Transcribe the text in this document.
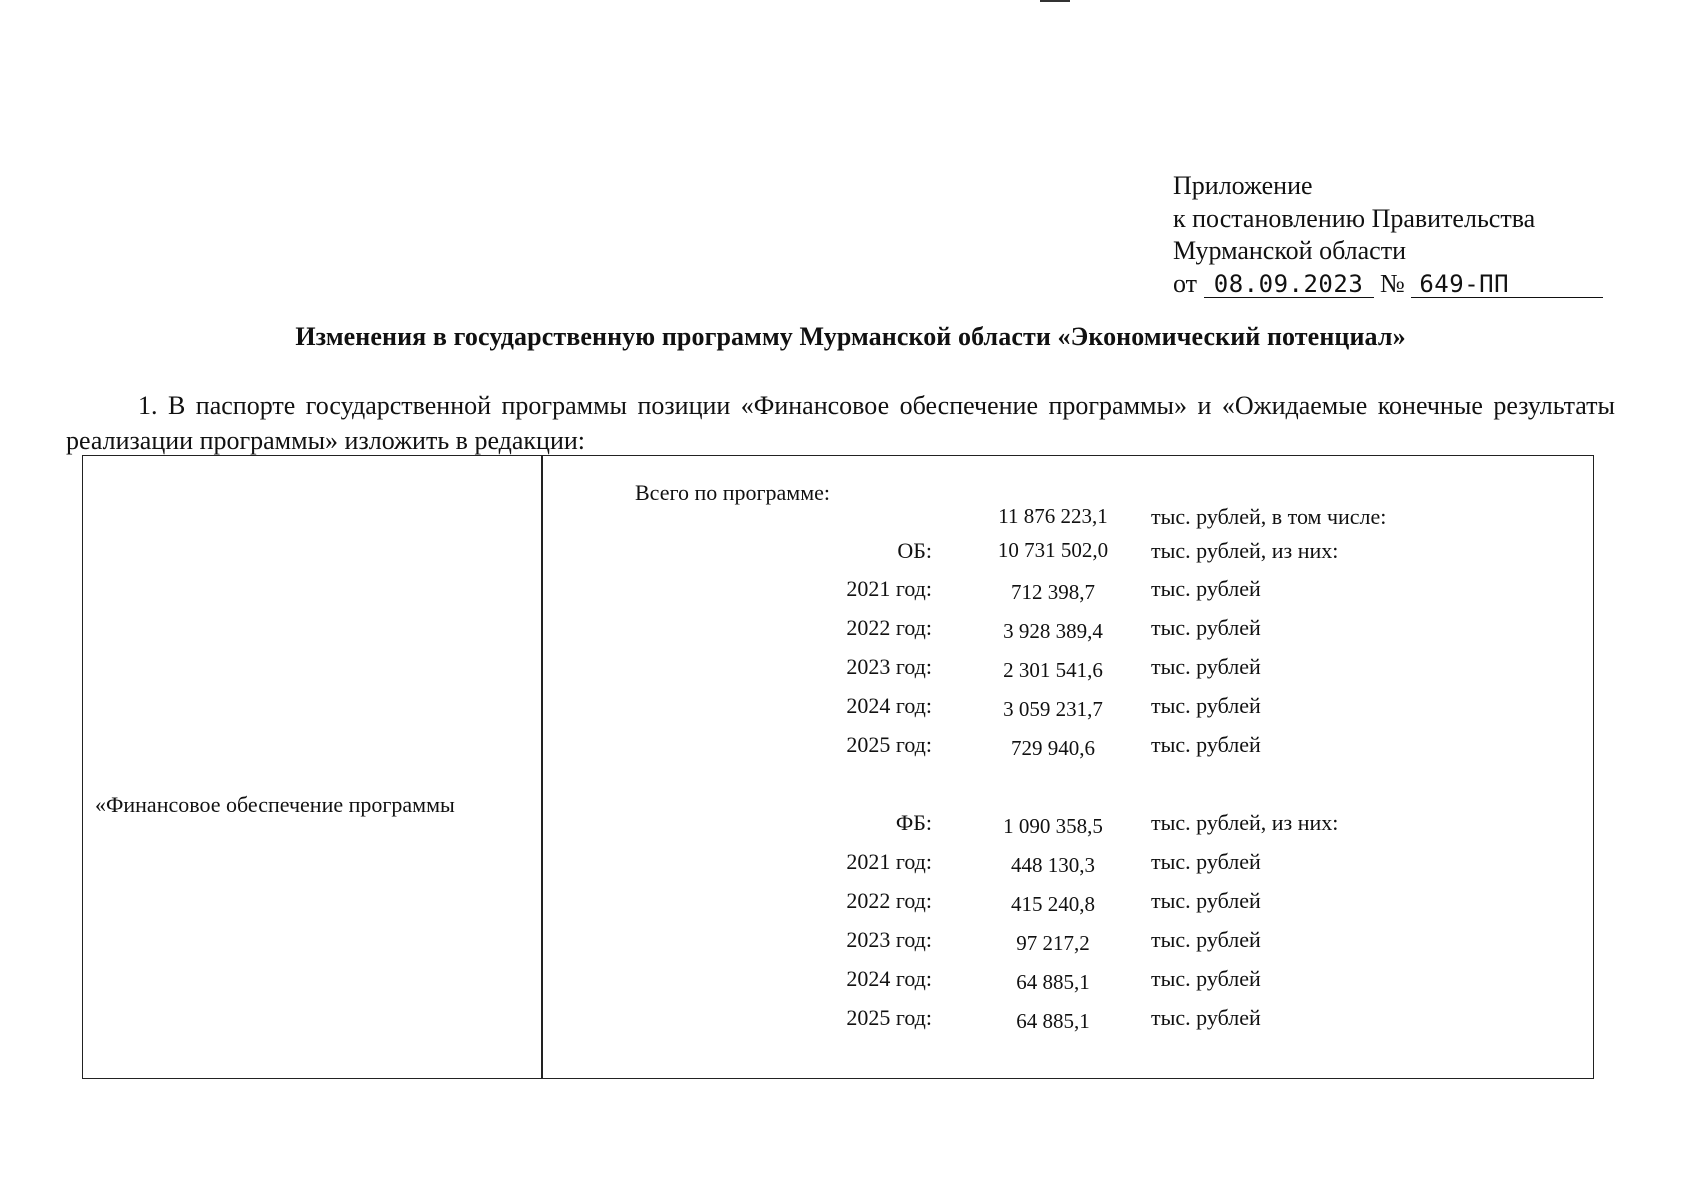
Приложение
к постановлению Правительства
Мурманской области
от 08.09.2023 № 649-ПП
Изменения в государственную программу Мурманской области «Экономический потенциал»
1. В паспорте государственной программы позиции «Финансовое обеспечение программы» и «Ожидаемые конечные результаты реализации программы» изложить в редакции:
«Финансовое обеспечение программы
Всего по программе:
11 876 223,1	тыс. рублей, в том числе:
ОБ:	10 731 502,0	тыс. рублей, из них:
2021 год:	712 398,7	тыс. рублей
2022 год:	3 928 389,4	тыс. рублей
2023 год:	2 301 541,6	тыс. рублей
2024 год:	3 059 231,7	тыс. рублей
2025 год:	729 940,6	тыс. рублей
ФБ:	1 090 358,5	тыс. рублей, из них:
2021 год:	448 130,3	тыс. рублей
2022 год:	415 240,8	тыс. рублей
2023 год:	97 217,2	тыс. рублей
2024 год:	64 885,1	тыс. рублей
2025 год:	64 885,1	тыс. рублей
